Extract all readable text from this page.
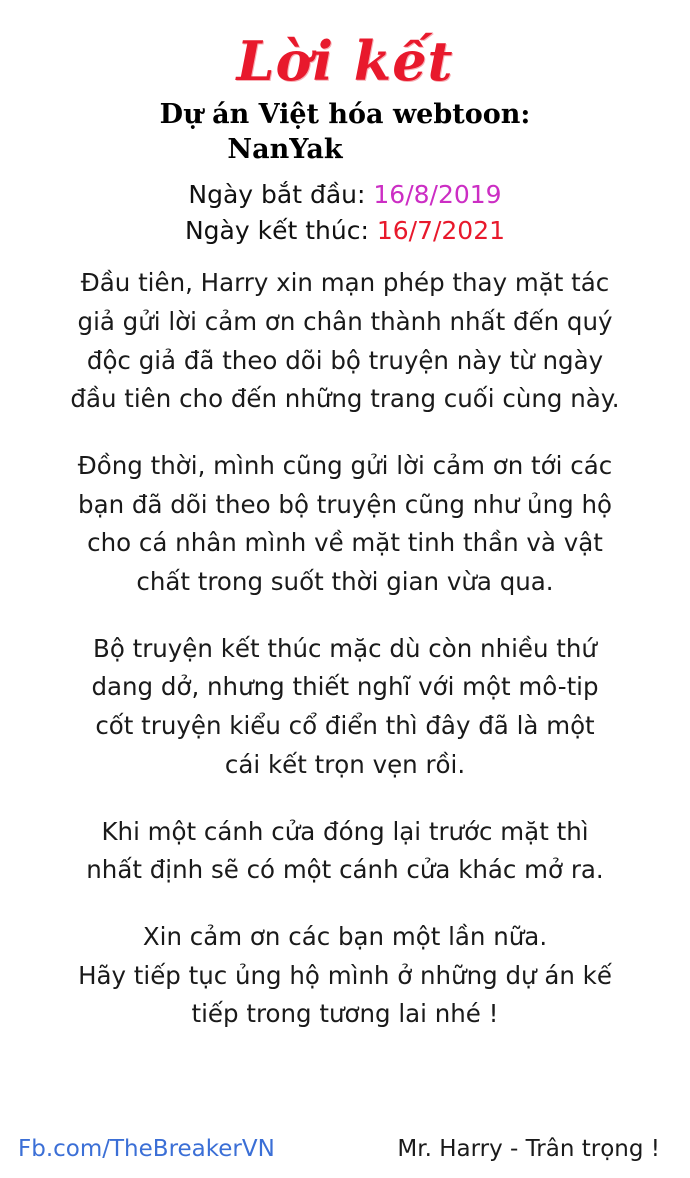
Lời kết
Dự án Việt hóa webtoon:
NanYak
Ngày bắt đầu: 16/8/2019
Ngày kết thúc: 16/7/2021

Đầu tiên, Harry xin mạn phép thay mặt tác
giả gửi lời cảm ơn chân thành nhất đến quý
độc giả đã theo dõi bộ truyện này từ ngày
đầu tiên cho đến những trang cuối cùng này.

Đồng thời, mình cũng gửi lời cảm ơn tới các
bạn đã dõi theo bộ truyện cũng như ủng hộ
cho cá nhân mình về mặt tinh thần và vật
chất trong suốt thời gian vừa qua.

Bộ truyện kết thúc mặc dù còn nhiều thứ
dang dở, nhưng thiết nghĩ với một mô-tip
cốt truyện kiểu cổ điển thì đây đã là một
cái kết trọn vẹn rồi.

Khi một cánh cửa đóng lại trước mặt thì
nhất định sẽ có một cánh cửa khác mở ra.

Xin cảm ơn các bạn một lần nữa.
Hãy tiếp tục ủng hộ mình ở những dự án kế
tiếp trong tương lai nhé !

Fb.com/TheBreakerVN	Mr. Harry - Trân trọng !
